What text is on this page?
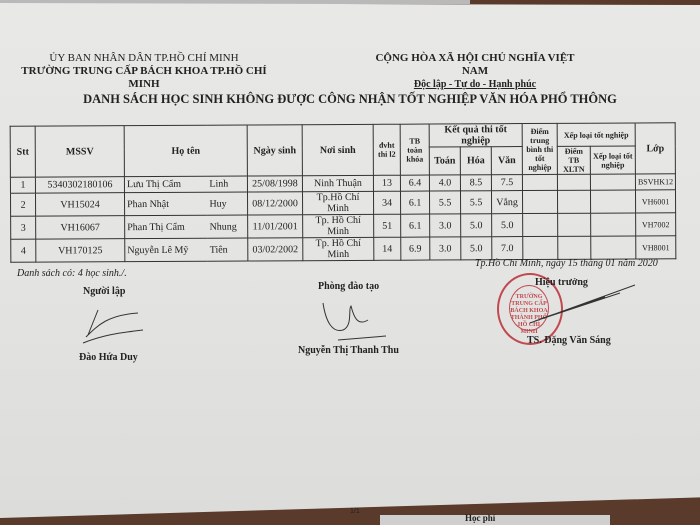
ỦY BAN NHÂN DÂN TP.HỒ CHÍ MINH
TRƯỜNG TRUNG CẤP BÁCH KHOA TP.HỒ CHÍ MINH
CỘNG HÒA XÃ HỘI CHỦ NGHĨA VIỆT NAM
Độc lập - Tự do - Hạnh phúc
DANH SÁCH HỌC SINH KHÔNG ĐƯỢC CÔNG NHẬN TỐT NGHIỆP VĂN HÓA PHỔ THÔNG
Stt	MSSV	Họ tên		Ngày sinh	Nơi sinh	đvht thi l2	TB toàn khóa	Kết quả thi tốt nghiệp			Điểm trung bình thi tốt nghiệp	Xếp loại tốt nghiệp		Lớp
								Toán	Hóa	Văn		Điểm TB XLTN	Xếp loại tốt nghiệp	
1	5340302180106	Lưu Thị Cẩm	Linh	25/08/1998	Ninh Thuận	13	6.4	4.0	8.5	7.5				BSVHK12
2	VH15024	Phan Nhật	Huy	08/12/2000	Tp.Hồ Chí Minh	34	6.1	5.5	5.5	Vắng				VH6001
3	VH16067	Phan Thị Cẩm	Nhung	11/01/2001	Tp. Hồ Chí Minh	51	6.1	3.0	5.0	5.0				VH7002
4	VH170125	Nguyễn Lê Mỹ	Tiên	03/02/2002	Tp. Hồ Chí Minh	14	6.9	3.0	5.0	7.0				VH8001
Danh sách có: 4 học sinh./.
Tp.Hồ Chí Minh, ngày 15 tháng 01 năm 2020
Người lập
Đào Hứa Duy
Phòng đào tạo
Nguyễn Thị Thanh Thu
TRƯỜNG
TRUNG CẤP BÁCH KHOA
THÀNH PHỐ
HỒ CHÍ MINH
Hiệu trưởng
TS. Đặng Văn Sáng
1/1
Học phí
